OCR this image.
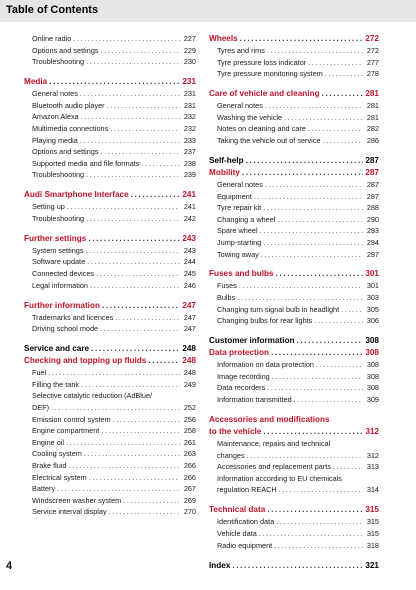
Table of Contents
Online radio .....	227
Options and settings .....	229
Troubleshooting .....	230
Media .....	231
General notes .....	231
Bluetooth audio player .....	231
Amazon Alexa .....	232
Multimedia connections .....	232
Playing media .....	233
Options and settings .....	237
Supported media and file formats .....	238
Troubleshooting .....	239
Audi Smartphone Interface .....	241
Setting up .....	241
Troubleshooting .....	242
Further settings .....	243
System settings .....	243
Software update .....	244
Connected devices .....	245
Legal information .....	246
Further information .....	247
Trademarks and licences .....	247
Driving school mode .....	247
Service and care .....	248
Checking and topping up fluids .....	248
Fuel .....	248
Filling the tank .....	249
Selective catalytic reduction (AdBlue/
DEF) .....	252
Emission control system .....	256
Engine compartment .....	258
Engine oil .....	261
Cooling system .....	263
Brake fluid .....	266
Electrical system .....	266
Battery .....	267
Windscreen washer system .....	269
Service interval display .....	270
Wheels .....	272
Tyres and rims .....	272
Tyre pressure loss indicator .....	277
Tyre pressure monitoring system .....	278
Care of vehicle and cleaning .....	281
General notes .....	281
Washing the vehicle .....	281
Notes on cleaning and care .....	282
Taking the vehicle out of service .....	286
Self-help .....	287
Mobility .....	287
General notes .....	287
Equipment .....	287
Tyre repair kit .....	288
Changing a wheel .....	290
Spare wheel .....	293
Jump-starting .....	294
Towing away .....	297
Fuses and bulbs .....	301
Fuses .....	301
Bulbs .....	303
Changing turn signal bulb in headlight .....	305
Changing bulbs for rear lights .....	306
Customer information .....	308
Data protection .....	308
Information on data protection .....	308
Image recording .....	308
Data recorders .....	308
Information transmitted .....	309
Accessories and modifications
to the vehicle .....	312
Maintenance, repairs and technical
changes .....	312
Accessories and replacement parts .....	313
Information according to EU chemicals
regulation REACH .....	314
Technical data .....	315
Identification data .....	315
Vehicle data .....	315
Radio equipment .....	318
Index .....	321
4
